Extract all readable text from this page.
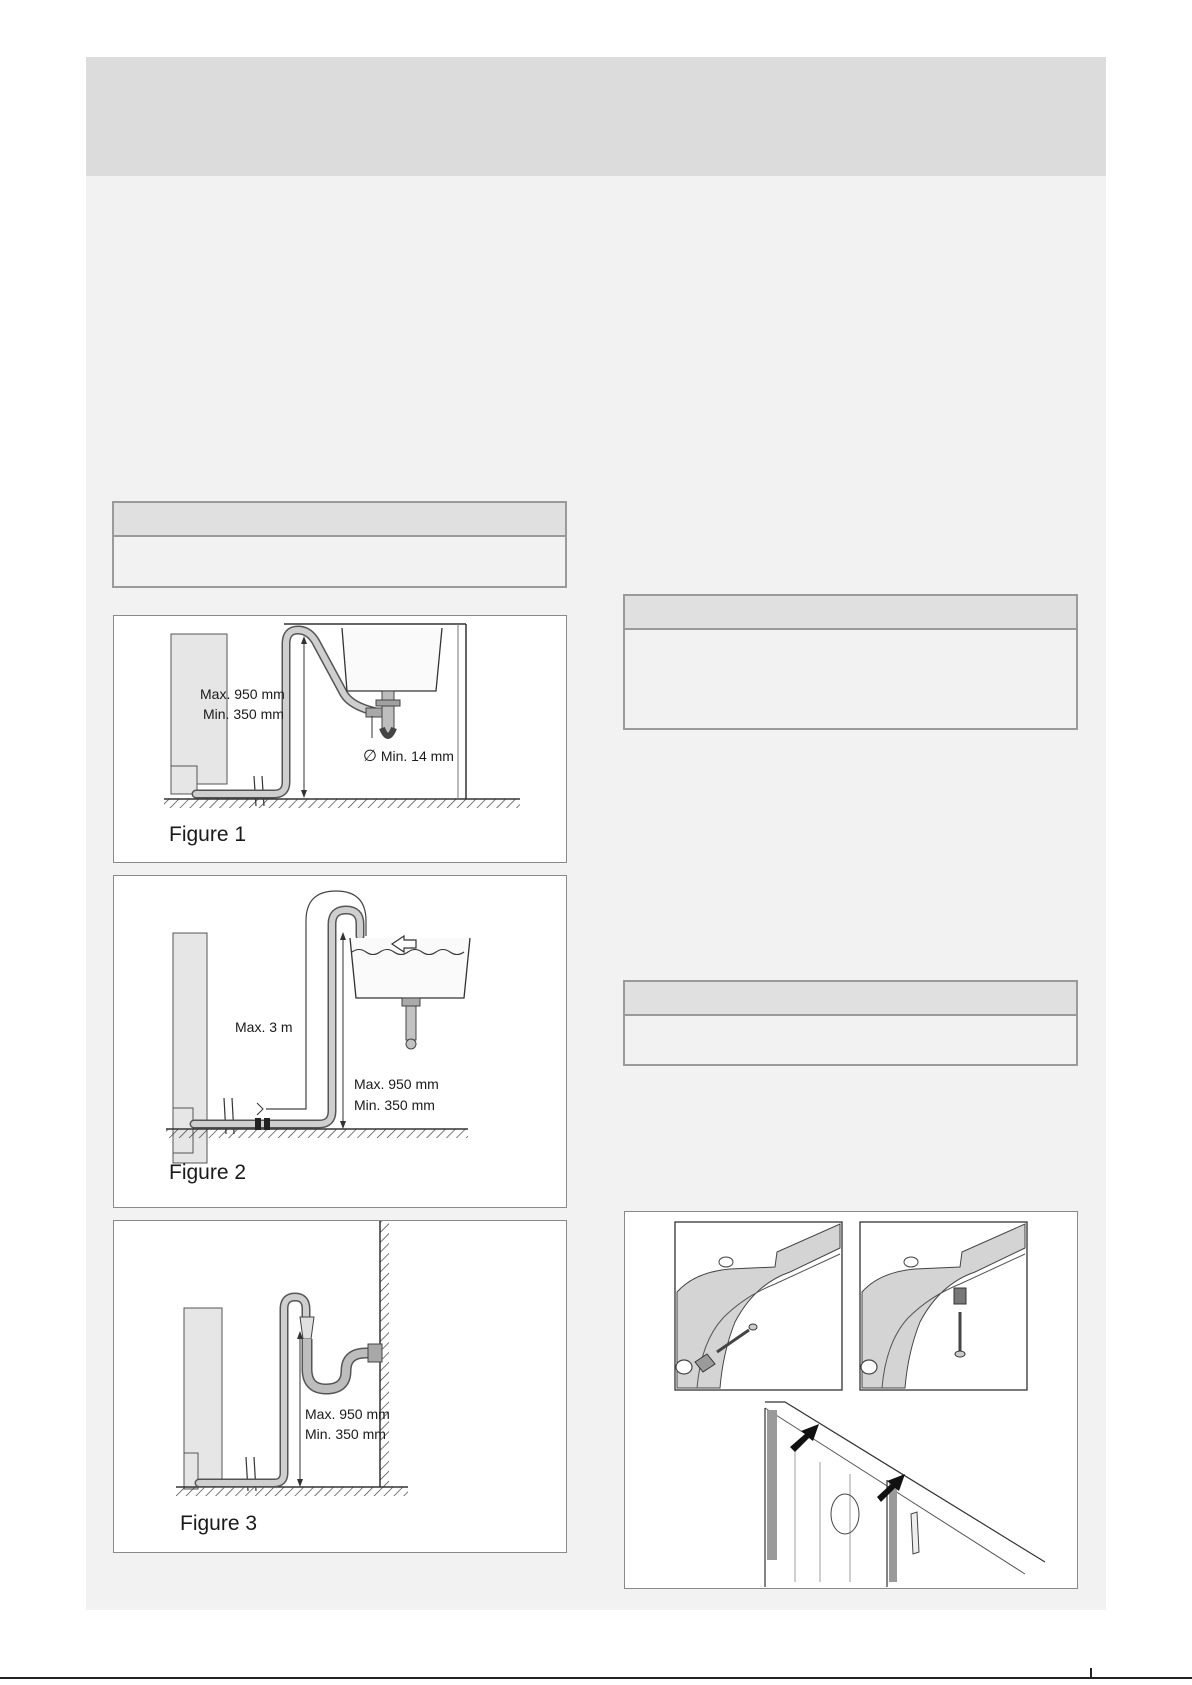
Max. 950 mm
Min. 350 mm
∅ Min. 14 mm
Figure 1
Max. 3 m
Max. 950 mm
Min. 350 mm
Figure 2
Max. 950 mm
Min. 350 mm
Figure 3
